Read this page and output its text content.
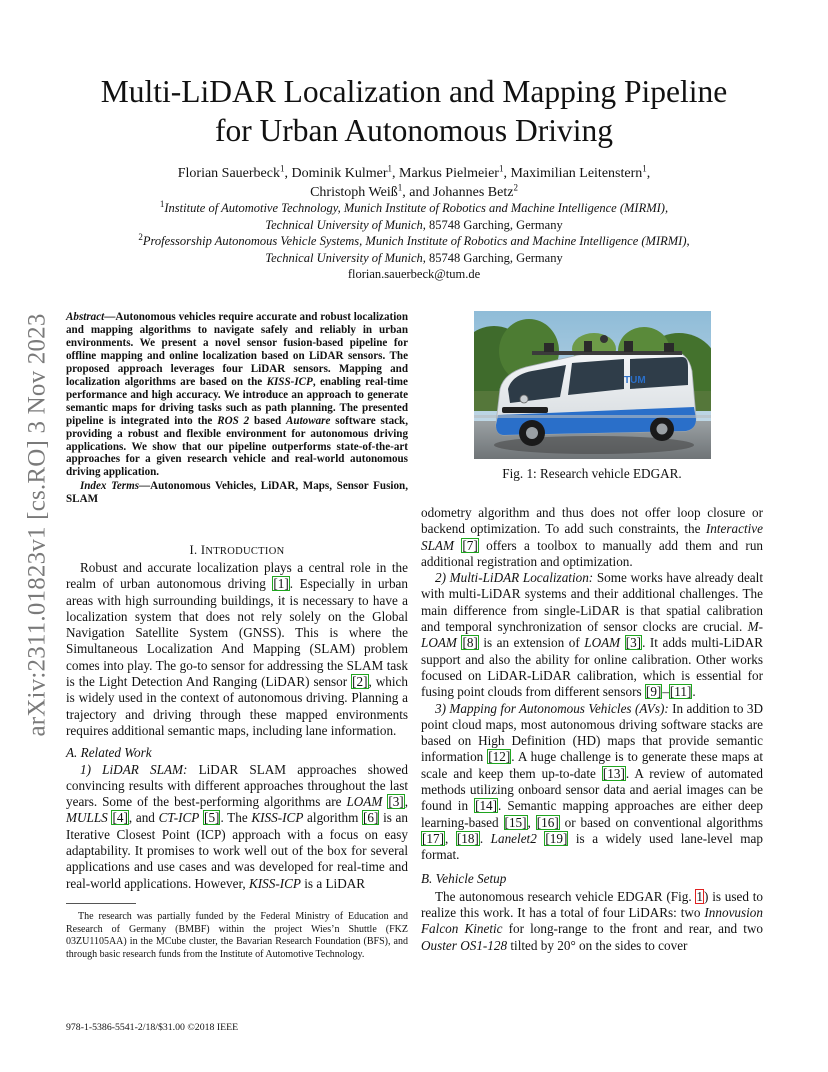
arXiv:2311.01823v1 [cs.RO] 3 Nov 2023
Multi-LiDAR Localization and Mapping Pipeline
for Urban Autonomous Driving
Florian Sauerbeck$^1$, Dominik Kulmer$^1$, Markus Pielmeier$^1$, Maximilian Leitenstern$^1$,
Christoph Weiß$^1$, and Johannes Betz$^2$
$^1$Institute of Automotive Technology, Munich Institute of Robotics and Machine Intelligence (MIRMI),
Technical University of Munich, 85748 Garching, Germany
$^2$Professorship Autonomous Vehicle Systems, Munich Institute of Robotics and Machine Intelligence (MIRMI),
Technical University of Munich, 85748 Garching, Germany
florian.sauerbeck@tum.de
Abstract—Autonomous vehicles require accurate and robust localization and mapping algorithms to navigate safely and reliably in urban environments. We present a novel sensor fusion-based pipeline for offline mapping and online localization based on LiDAR sensors. The proposed approach leverages four LiDAR sensors. Mapping and localization algorithms are based on the KISS-ICP, enabling real-time performance and high accuracy. We introduce an approach to generate semantic maps for driving tasks such as path planning. The presented pipeline is integrated into the ROS 2 based Autoware software stack, providing a robust and flexible environment for autonomous driving applications. We show that our pipeline outperforms state-of-the-art approaches for a given research vehicle and real-world autonomous driving application.
Index Terms—Autonomous Vehicles, LiDAR, Maps, Sensor Fusion, SLAM
I. INTRODUCTION

Robust and accurate localization plays a central role in the realm of urban autonomous driving [1]. Especially in urban areas with high surrounding buildings, it is necessary to have a localization system that does not rely solely on the Global Navigation Satellite System (GNSS). This is where the Simultaneous Localization And Mapping (SLAM) problem comes into play. The go-to sensor for addressing the SLAM task is the Light Detection And Ranging (LiDAR) sensor [2], which is widely used in the context of autonomous driving. Planning a trajectory and driving through these mapped environments requires additional semantic maps, including lane information.

A. Related Work

1) LiDAR SLAM: LiDAR SLAM approaches showed convincing results with different approaches throughout the last years. Some of the best-performing algorithms are LOAM [3], MULLS [4], and CT-ICP [5]. The KISS-ICP algorithm [6] is an Iterative Closest Point (ICP) approach with a focus on easy adaptability. It promises to work well out of the box for several applications and use cases and was developed for real-time and real-world applications. However, KISS-ICP is a LiDAR

The research was partially funded by the Federal Ministry of Education and Research of Germany (BMBF) within the project Wies’n Shuttle (FKZ 03ZU1105AA) in the MCube cluster, the Bavarian Research Foundation (BFS), and through basic research funds from the Institute of Automotive Technology.

978-1-5386-5541-2/18/$31.00 ©2018 IEEE
TUM
Fig. 1: Research vehicle EDGAR.

odometry algorithm and thus does not offer loop closure or backend optimization. To add such constraints, the Interactive SLAM [7] offers a toolbox to manually add them and run additional registration and optimization.

2) Multi-LiDAR Localization: Some works have already dealt with multi-LiDAR systems and their additional challenges. The main difference from single-LiDAR is that spatial calibration and temporal synchronization of sensor clocks are crucial. M-LOAM [8] is an extension of LOAM [3]. It adds multi-LiDAR support and also the ability for online calibration. Other works focused on LiDAR-LiDAR calibration, which is essential for fusing point clouds from different sensors [9]–[11].

3) Mapping for Autonomous Vehicles (AVs): In addition to 3D point cloud maps, most autonomous driving software stacks are based on High Definition (HD) maps that provide semantic information [12]. A huge challenge is to generate these maps at scale and keep them up-to-date [13]. A review of automated methods utilizing onboard sensor data and aerial images can be found in [14]. Semantic mapping approaches are either deep learning-based [15], [16] or based on conventional algorithms [17], [18]. Lanelet2 [19] is a widely used lane-level map format.

B. Vehicle Setup

The autonomous research vehicle EDGAR (Fig. 1) is used to realize this work. It has a total of four LiDARs: two Innovusion Falcon Kinetic for long-range to the front and rear, and two Ouster OS1-128 tilted by 20° on the sides to cover
